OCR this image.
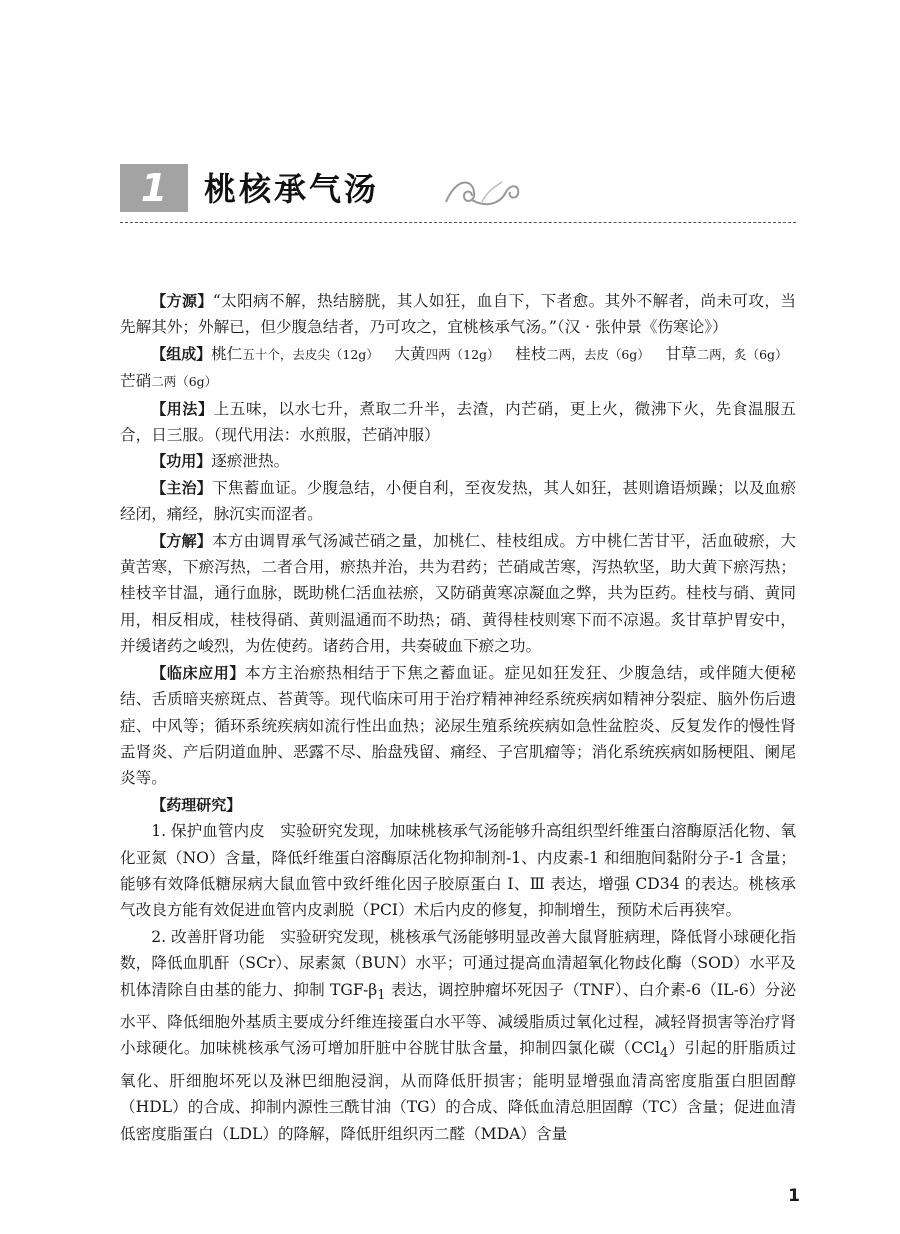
1	桃核承气汤

【方源】“太阳病不解，热结膀胱，其人如狂，血自下，下者愈。其外不解者，尚未可攻，当先解其外；外解已，但少腹急结者，乃可攻之，宜桃核承气汤。”（汉 · 张仲景《伤寒论》）

【组成】桃仁五十个，去皮尖（12g）  大黄四两（12g）  桂枝二两，去皮（6g）  甘草二两，炙（6g）
芒硝二两（6g）

【用法】上五味，以水七升，煮取二升半，去渣，内芒硝，更上火，微沸下火，先食温服五合，日三服。（现代用法：水煎服，芒硝冲服）

【功用】逐瘀泄热。

【主治】下焦蓄血证。少腹急结，小便自利，至夜发热，其人如狂，甚则谵语烦躁；以及血瘀经闭，痛经，脉沉实而涩者。

【方解】本方由调胃承气汤减芒硝之量，加桃仁、桂枝组成。方中桃仁苦甘平，活血破瘀，大黄苦寒，下瘀泻热，二者合用，瘀热并治，共为君药；芒硝咸苦寒，泻热软坚，助大黄下瘀泻热；桂枝辛甘温，通行血脉，既助桃仁活血祛瘀，又防硝黄寒凉凝血之弊，共为臣药。桂枝与硝、黄同用，相反相成，桂枝得硝、黄则温通而不助热；硝、黄得桂枝则寒下而不凉遏。炙甘草护胃安中，并缓诸药之峻烈，为佐使药。诸药合用，共奏破血下瘀之功。

【临床应用】本方主治瘀热相结于下焦之蓄血证。症见如狂发狂、少腹急结，或伴随大便秘结、舌质暗夹瘀斑点、苔黄等。现代临床可用于治疗精神神经系统疾病如精神分裂症、脑外伤后遗症、中风等；循环系统疾病如流行性出血热；泌尿生殖系统疾病如急性盆腔炎、反复发作的慢性肾盂肾炎、产后阴道血肿、恶露不尽、胎盘残留、痛经、子宫肌瘤等；消化系统疾病如肠梗阻、阑尾炎等。

【药理研究】

1. 保护血管内皮  实验研究发现，加味桃核承气汤能够升高组织型纤维蛋白溶酶原活化物、氧化亚氮（NO）含量，降低纤维蛋白溶酶原活化物抑制剂-1、内皮素-1 和细胞间黏附分子-1 含量；能够有效降低糖尿病大鼠血管中致纤维化因子胶原蛋白 Ⅰ、Ⅲ 表达，增强 CD34 的表达。桃核承气改良方能有效促进血管内皮剥脱（PCI）术后内皮的修复，抑制增生，预防术后再狭窄。

2. 改善肝肾功能  实验研究发现，桃核承气汤能够明显改善大鼠肾脏病理，降低肾小球硬化指数，降低血肌酐（SCr）、尿素氮（BUN）水平；可通过提高血清超氧化物歧化酶（SOD）水平及机体清除自由基的能力、抑制 TGF-$\beta_1$ 表达，调控肿瘤坏死因子（TNF）、白介素-6（IL-6）分泌水平、降低细胞外基质主要成分纤维连接蛋白水平等、减缓脂质过氧化过程，减轻肾损害等治疗肾小球硬化。加味桃核承气汤可增加肝脏中谷胱甘肽含量，抑制四氯化碳（CCl$_4$）引起的肝脂质过氧化、肝细胞坏死以及淋巴细胞浸润，从而降低肝损害；能明显增强血清高密度脂蛋白胆固醇（HDL）的合成、抑制内源性三酰甘油（TG）的合成、降低血清总胆固醇（TC）含量；促进血清低密度脂蛋白（LDL）的降解，降低肝组织丙二醛（MDA）含量

1
